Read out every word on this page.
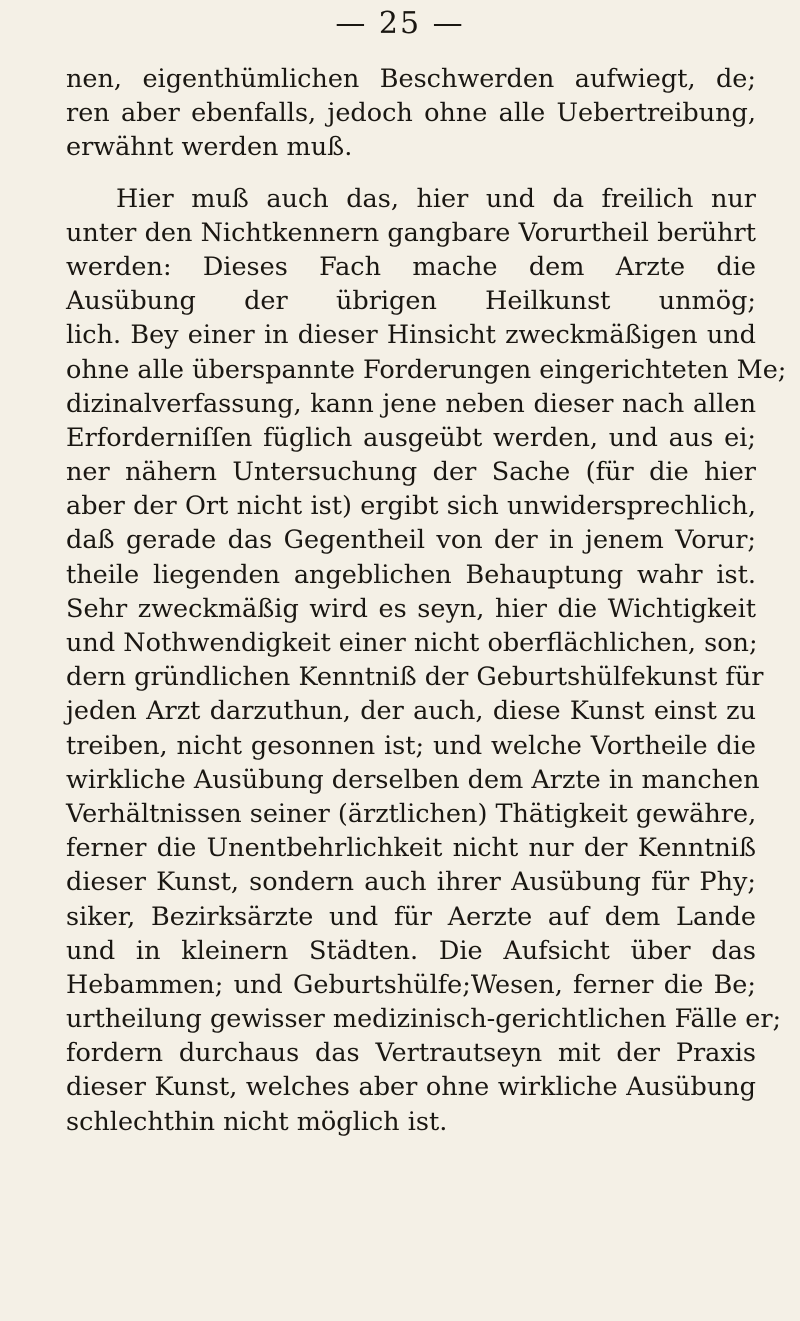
— 25 —
nen, eigenthümlichen Beschwerden aufwiegt, de;
ren aber ebenfalls, jedoch ohne alle Uebertreibung,
erwähnt werden muß.
Hier muß auch das, hier und da freilich nur
unter den Nichtkennern gangbare Vorurtheil berührt
werden: Dieses Fach mache dem Arzte die
Ausübung der übrigen Heilkunst unmög;
lich. Bey einer in dieser Hinsicht zweckmäßigen und
ohne alle überspannte Forderungen eingerichteten Me;
dizinalverfassung, kann jene neben dieser nach allen
Erforderniſſen füglich ausgeübt werden, und aus ei;
ner nähern Untersuchung der Sache (für die hier
aber der Ort nicht ist) ergibt sich unwidersprechlich,
daß gerade das Gegentheil von der in jenem Vorur;
theile liegenden angeblichen Behauptung wahr ist.
Sehr zweckmäßig wird es seyn, hier die Wichtigkeit
und Nothwendigkeit einer nicht oberflächlichen, son;
dern gründlichen Kenntniß der Geburtshülfekunst für
jeden Arzt darzuthun, der auch, diese Kunst einst zu
treiben, nicht gesonnen ist; und welche Vortheile die
wirkliche Ausübung derselben dem Arzte in manchen
Verhältnissen seiner (ärztlichen) Thätigkeit gewähre,
ferner die Unentbehrlichkeit nicht nur der Kenntniß
dieser Kunst, sondern auch ihrer Ausübung für Phy;
siker, Bezirksärzte und für Aerzte auf dem Lande
und in kleinern Städten. Die Aufsicht über das
Hebammen; und Geburtshülfe;Wesen, ferner die Be;
urtheilung gewisser medizinisch-gerichtlichen Fälle er;
fordern durchaus das Vertrautseyn mit der Praxis
dieser Kunst, welches aber ohne wirkliche Ausübung
schlechthin nicht möglich ist.
